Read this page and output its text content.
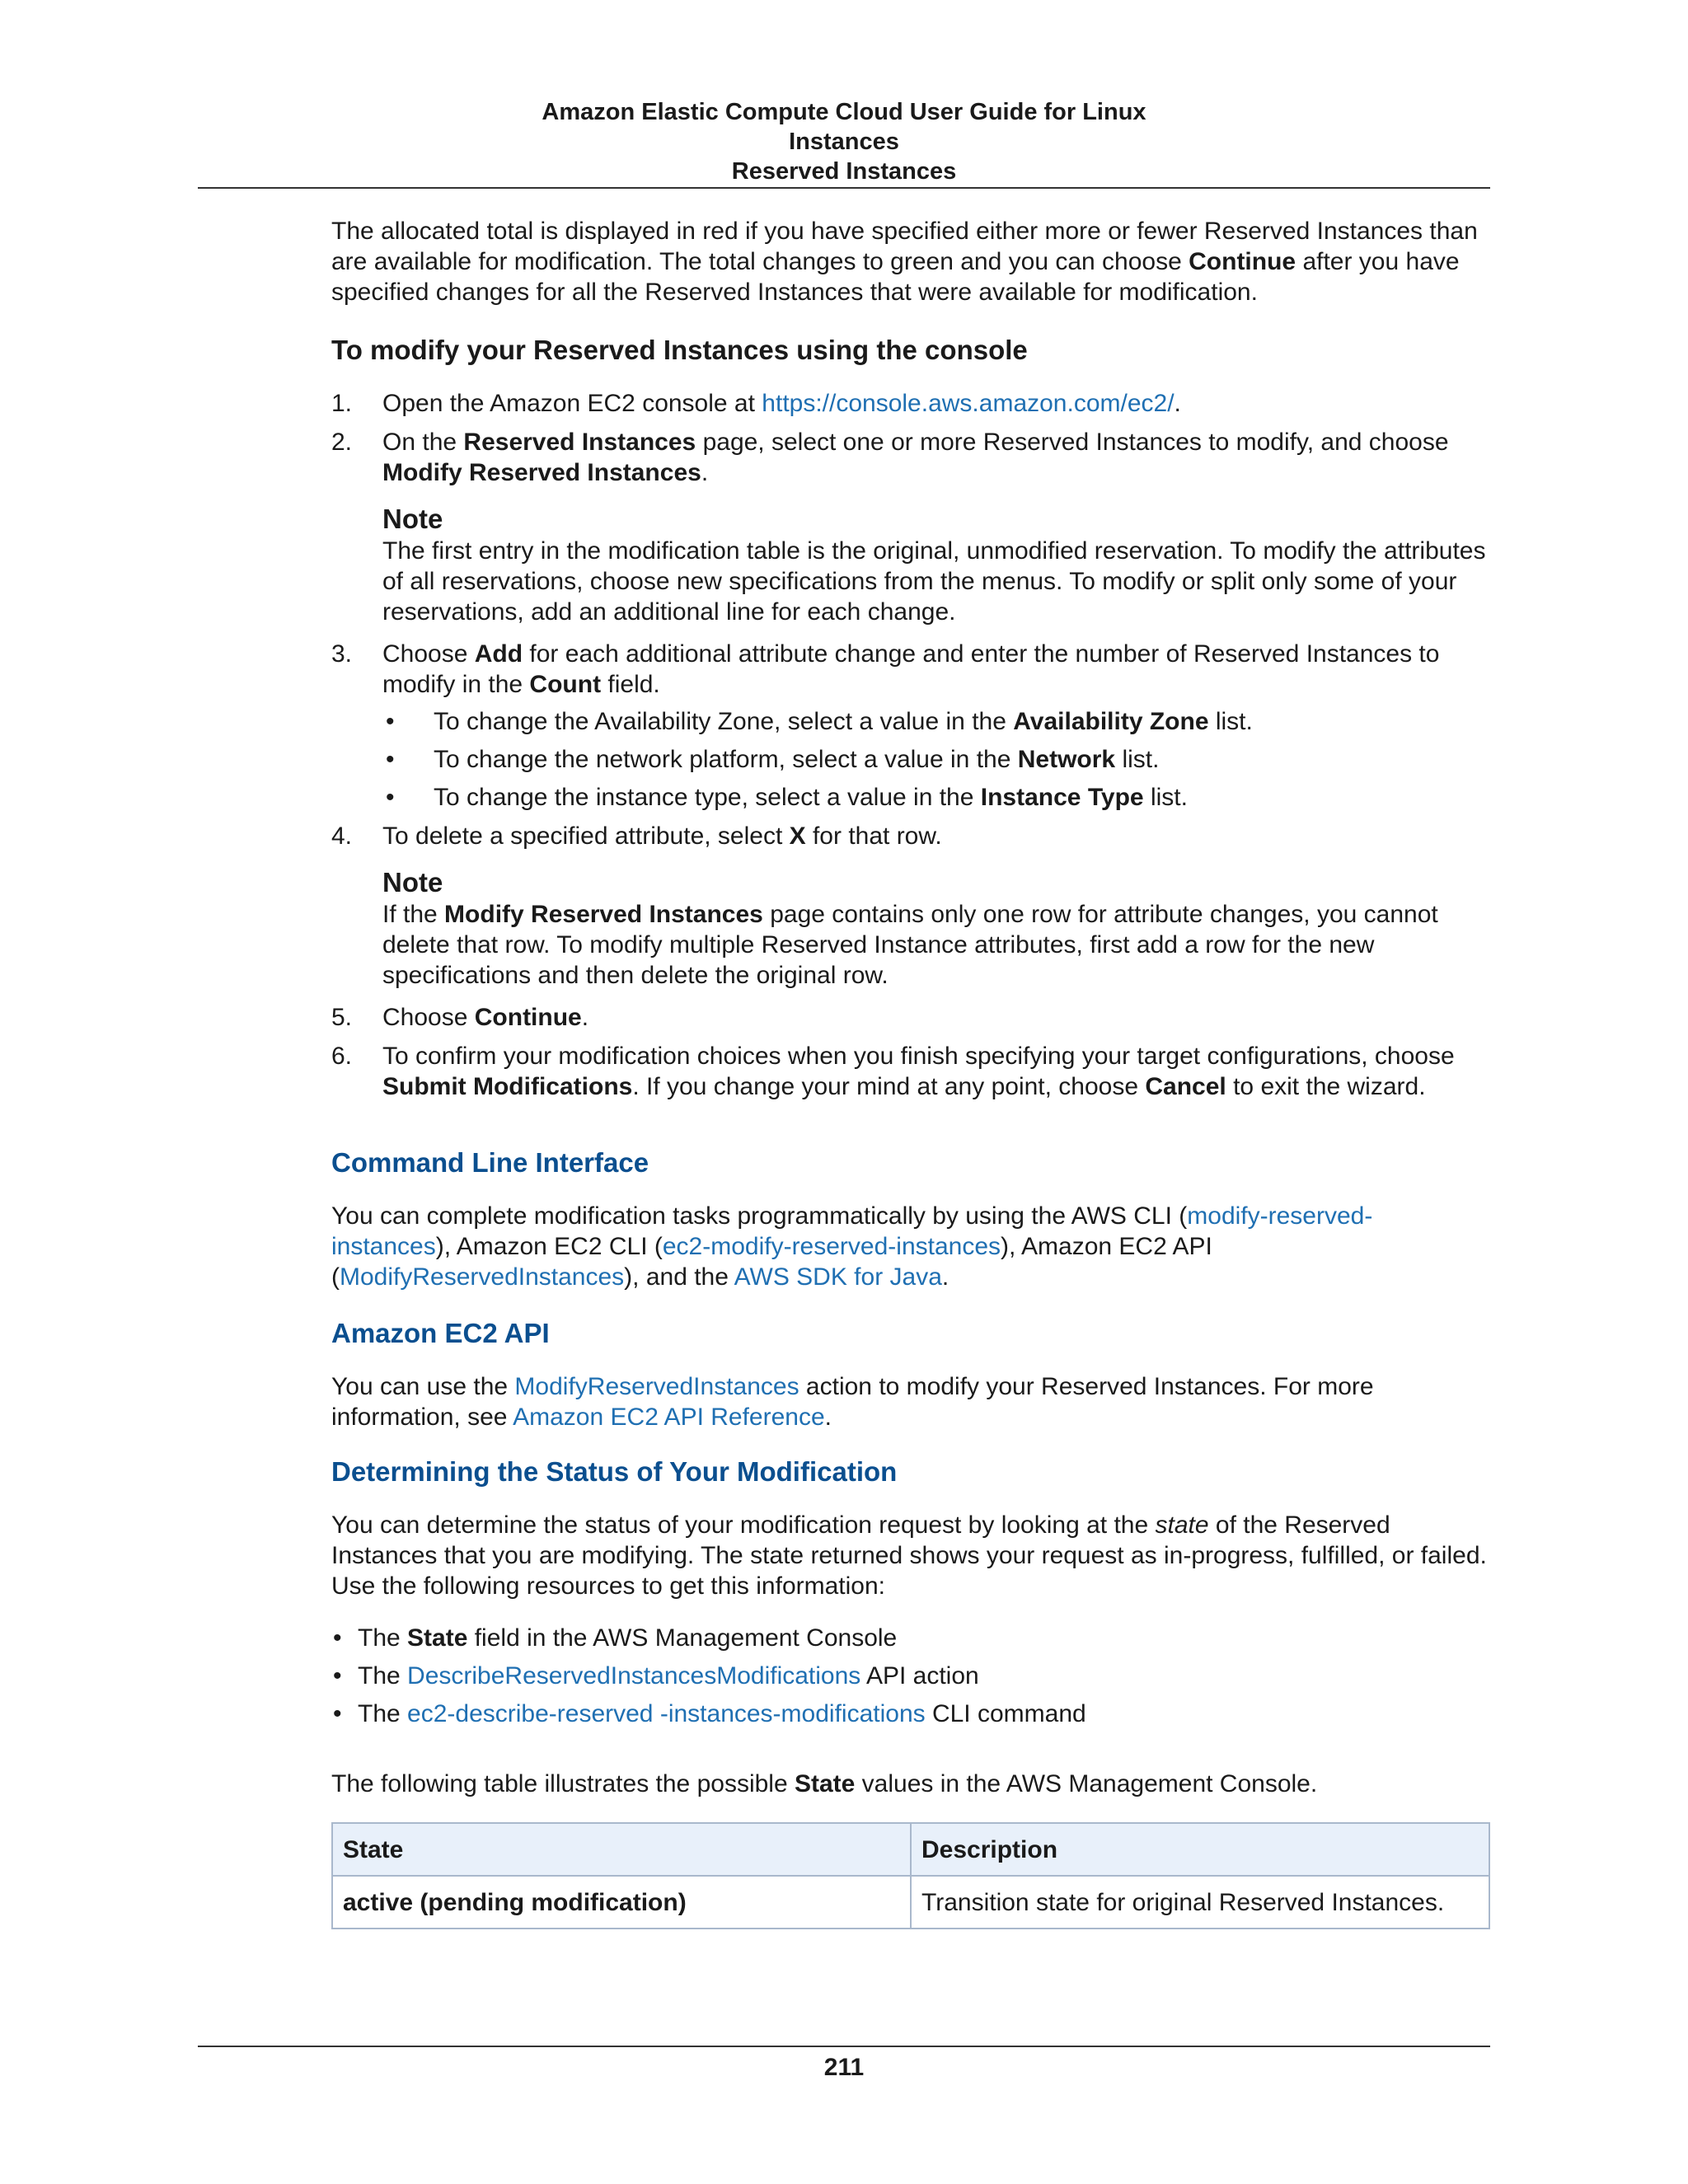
Amazon Elastic Compute Cloud User Guide for Linux
Instances
Reserved Instances

The allocated total is displayed in red if you have specified either more or fewer Reserved Instances than are available for modification. The total changes to green and you can choose Continue after you have specified changes for all the Reserved Instances that were available for modification.

To modify your Reserved Instances using the console
1. Open the Amazon EC2 console at https://console.aws.amazon.com/ec2/.
2. On the Reserved Instances page, select one or more Reserved Instances to modify, and choose Modify Reserved Instances.
Note
The first entry in the modification table is the original, unmodified reservation. To modify the attributes of all reservations, choose new specifications from the menus. To modify or split only some of your reservations, add an additional line for each change.
3. Choose Add for each additional attribute change and enter the number of Reserved Instances to modify in the Count field.
• To change the Availability Zone, select a value in the Availability Zone list.
• To change the network platform, select a value in the Network list.
• To change the instance type, select a value in the Instance Type list.
4. To delete a specified attribute, select X for that row.
Note
If the Modify Reserved Instances page contains only one row for attribute changes, you cannot delete that row. To modify multiple Reserved Instance attributes, first add a row for the new specifications and then delete the original row.
5. Choose Continue.
6. To confirm your modification choices when you finish specifying your target configurations, choose Submit Modifications. If you change your mind at any point, choose Cancel to exit the wizard.
Command Line Interface

You can complete modification tasks programmatically by using the AWS CLI (modify-reserved-instances), Amazon EC2 CLI (ec2-modify-reserved-instances), Amazon EC2 API (ModifyReservedInstances), and the AWS SDK for Java.

Amazon EC2 API

You can use the ModifyReservedInstances action to modify your Reserved Instances. For more information, see Amazon EC2 API Reference.

Determining the Status of Your Modification

You can determine the status of your modification request by looking at the state of the Reserved Instances that you are modifying. The state returned shows your request as in-progress, fulfilled, or failed. Use the following resources to get this information:

• The State field in the AWS Management Console
• The DescribeReservedInstancesModifications API action
• The ec2-describe-reserved -instances-modifications CLI command

The following table illustrates the possible State values in the AWS Management Console.

State	Description
active (pending modification)	Transition state for original Reserved Instances.
211
